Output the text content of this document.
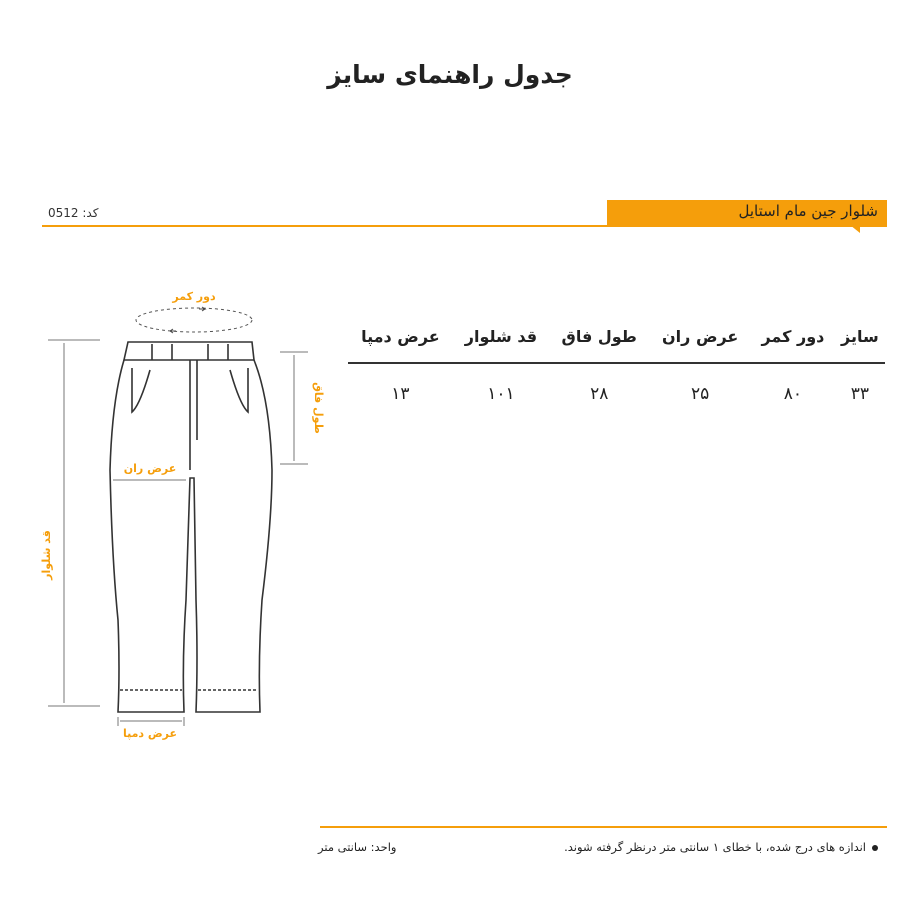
جدول راهنمای سایز
شلوار جین مام استایل
کد: 0512
دور کمر
طول فاق
عرض ران
قد شلوار
عرض دمپا
سایز	دور کمر	عرض ران	طول فاق	قد شلوار	عرض دمپا
۳۳	۸۰	۲۵	۲۸	۱۰۱	۱۳
اندازه های درج شده، با خطای ۱ سانتی متر درنظر گرفته شوند.
واحد: سانتی متر
